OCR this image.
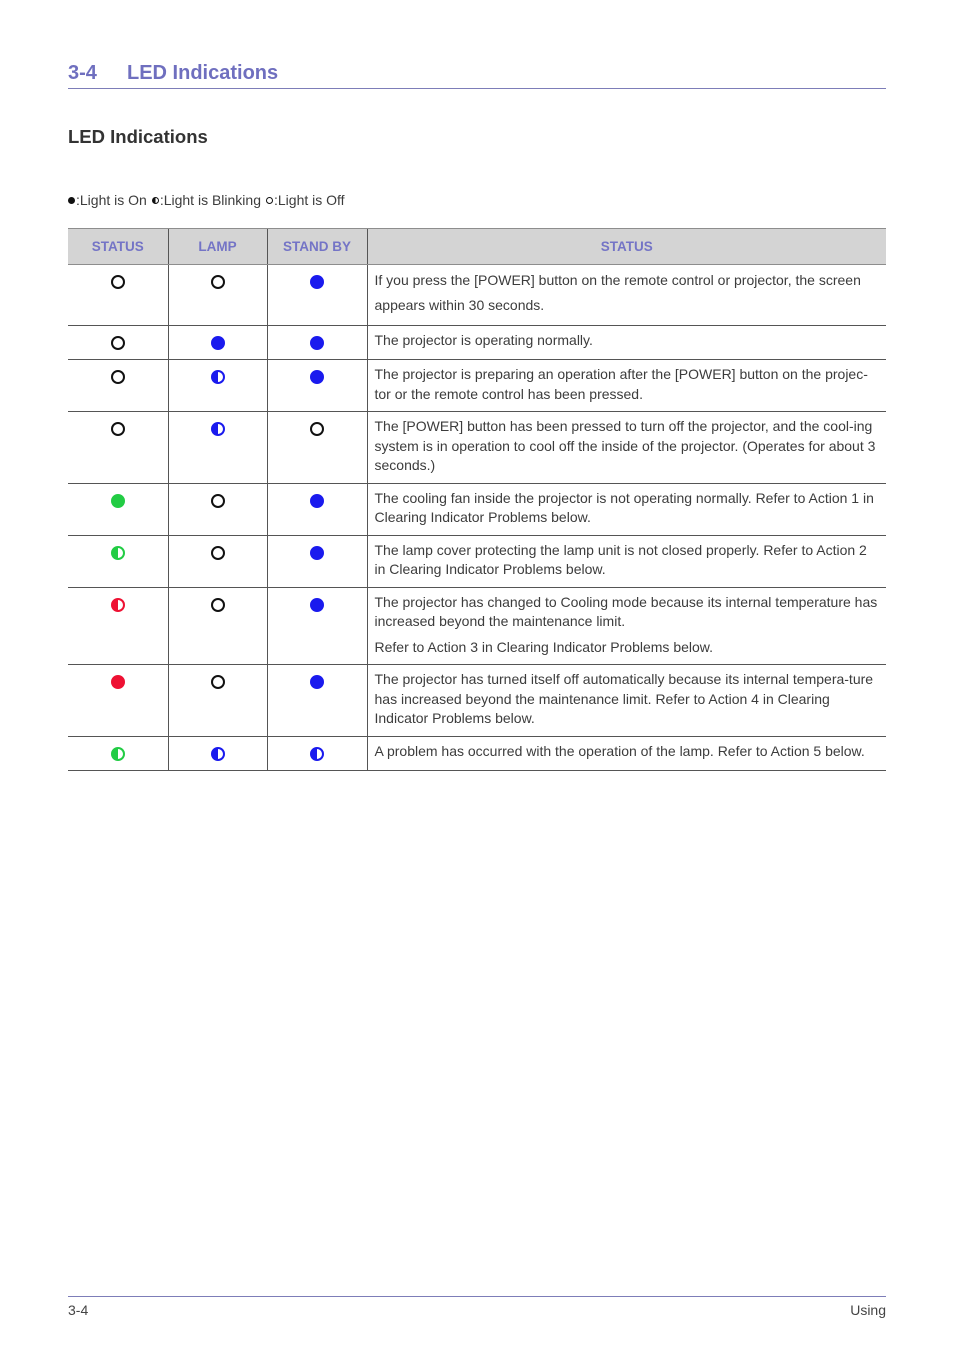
3-4 LED Indications
LED Indications
:Light is On :Light is Blinking :Light is Off
STATUS	LAMP	STAND BY	STATUS

			If you press the [POWER] button on the remote control or projector, the screen appears within 30 seconds.

			The projector is operating normally.

			The projector is preparing an operation after the [POWER] button on the projec-tor or the remote control has been pressed.

			The [POWER] button has been pressed to turn off the projector, and the cool-ing system is in operation to cool off the inside of the projector. (Operates for about 3 seconds.)

			The cooling fan inside the projector is not operating normally. Refer to Action 1 in Clearing Indicator Problems below.

			The lamp cover protecting the lamp unit is not closed properly. Refer to Action 2 in Clearing Indicator Problems below.

			The projector has changed to Cooling mode because its internal temperature has increased beyond the maintenance limit.

Refer to Action 3 in Clearing Indicator Problems below.

			The projector has turned itself off automatically because its internal tempera-ture has increased beyond the maintenance limit. Refer to Action 4 in Clearing Indicator Problems below.

			A problem has occurred with the operation of the lamp. Refer to Action 5 below.

3-4	Using
